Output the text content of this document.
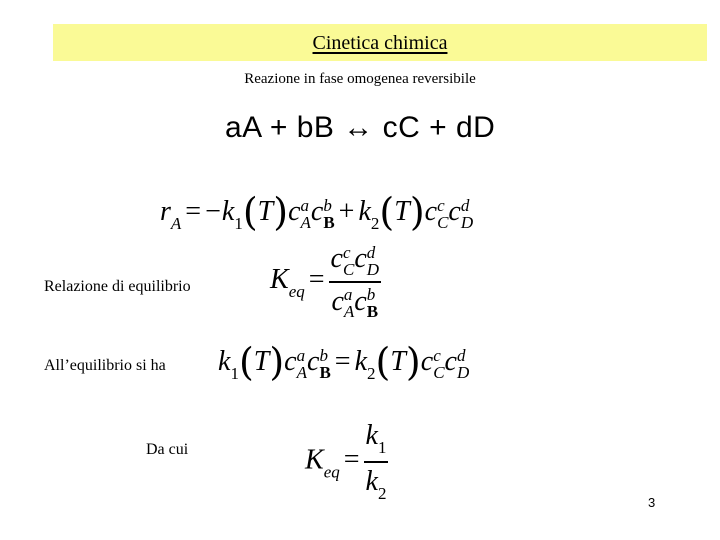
Cinetica chimica
Reazione in fase omogenea reversibile
aA + bB ↔ cC + dD
$r_A = -k_1(T)c$ a
A c b
$B + k_2(T)c$ c
C c d
D
Relazione di equilibrio	$K_{eq} = c$ c
C c d
D
c a
A c b
B
All’equilibrio si ha $k_1(T)c$ a
A c b
$B = k_2(T)c$ c
C c d
D
Da cui	$K_{eq} = \frac{k_1}{k_2}$	3
